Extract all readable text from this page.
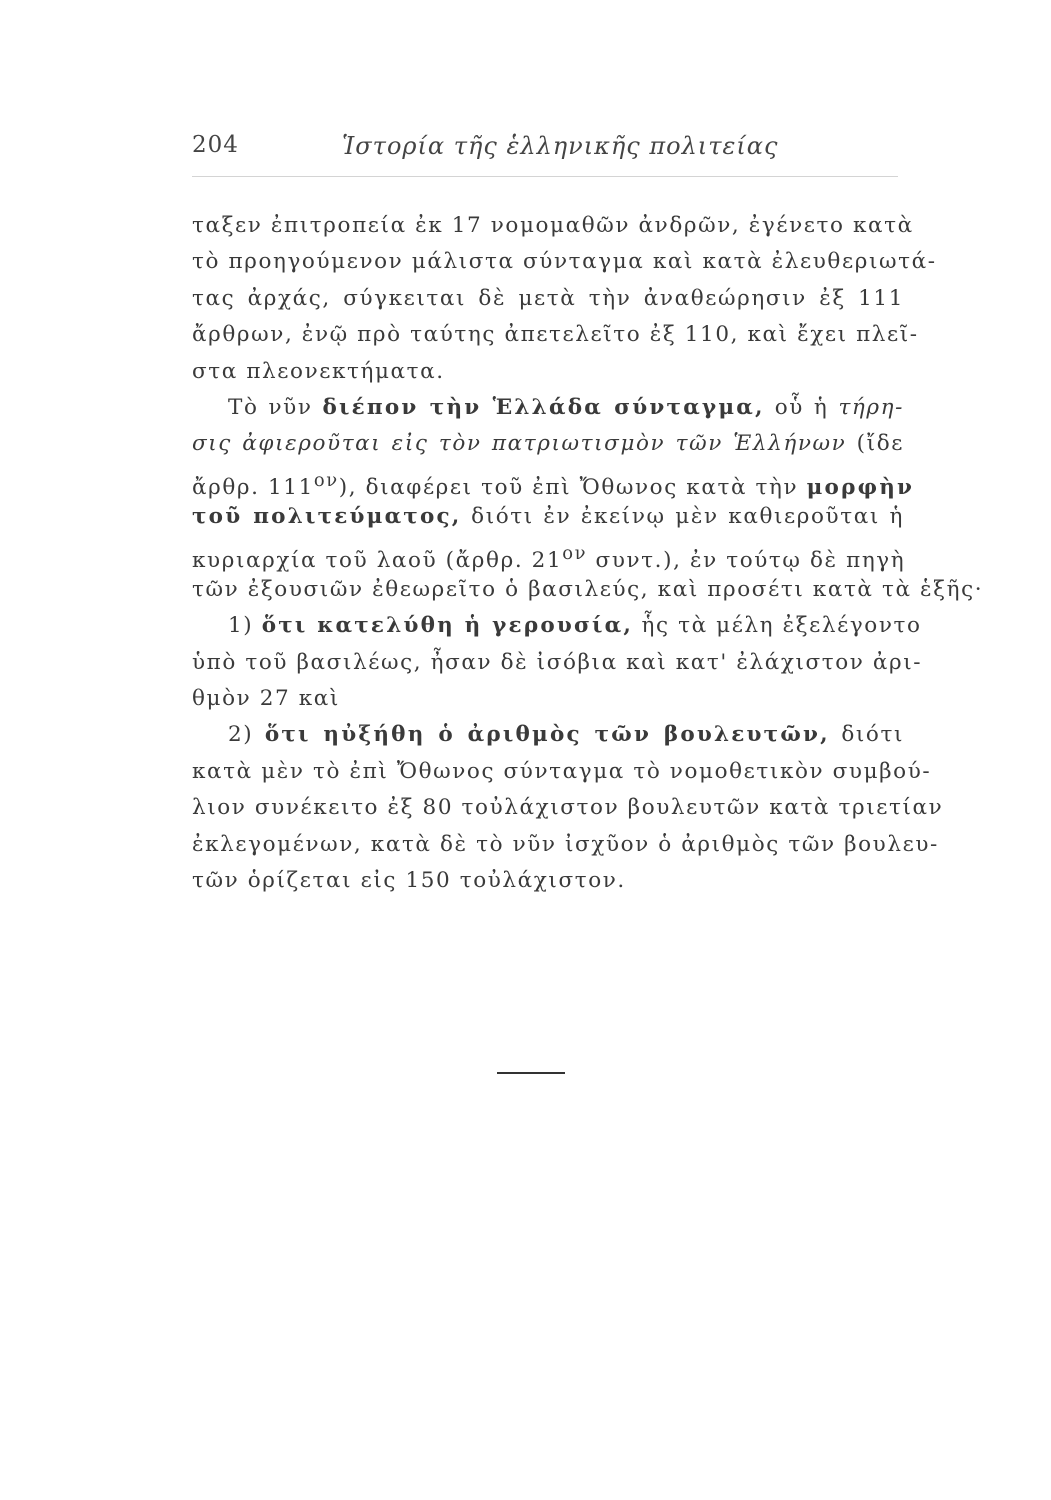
204	Ἱστορία τῆς ἑλληνικῆς πολιτείας
ταξεν ἐπιτροπεία ἐκ 17 νομομαθῶν ἀνδρῶν, ἐγένετο κατὰ
τὸ προηγούμενον μάλιστα σύνταγμα καὶ κατὰ ἐλευθεριωτά-
τας ἀρχάς, σύγκειται δὲ μετὰ τὴν ἀναθεώρησιν ἐξ 111
ἄρθρων, ἐνῷ πρὸ ταύτης ἀπετελεῖτο ἐξ 110, καὶ ἔχει πλεῖ-
στα πλεονεκτήματα.
Τὸ νῦν διέπον τὴν Ἑλλάδα σύνταγμα, οὗ ἡ τήρη-
σις ἀφιεροῦται εἰς τὸν πατριωτισμὸν τῶν Ἑλλήνων (ἴδε
ἄρθρ. $111^{o\nu}$), διαφέρει τοῦ ἐπὶ Ὄθωνος κατὰ τὴν μορφὴν
τοῦ πολιτεύματος, διότι ἐν ἐκείνῳ μὲν καθιεροῦται ἡ
κυριαρχία τοῦ λαοῦ (ἄρθρ. $21^{o\nu}$ συντ.), ἐν τούτῳ δὲ πηγὴ
τῶν ἐξουσιῶν ἐθεωρεῖτο ὁ βασιλεύς, καὶ προσέτι κατὰ τὰ ἑξῆς·
1) ὅτι κατελύθη ἡ γερουσία, ἧς τὰ μέλη ἐξελέγοντο
ὑπὸ τοῦ βασιλέως, ἦσαν δὲ ἰσόβια καὶ κατ' ἐλάχιστον ἀρι-
θμὸν 27 καὶ
2) ὅτι ηὐξήθη ὁ ἀριθμὸς τῶν βουλευτῶν, διότι
κατὰ μὲν τὸ ἐπὶ Ὄθωνος σύνταγμα τὸ νομοθετικὸν συμβού-
λιον συνέκειτο ἐξ 80 τοὐλάχιστον βουλευτῶν κατὰ τριετίαν
ἐκλεγομένων, κατὰ δὲ τὸ νῦν ἰσχῦον ὁ ἀριθμὸς τῶν βουλευ-
τῶν ὁρίζεται εἰς 150 τοὐλάχιστον.
